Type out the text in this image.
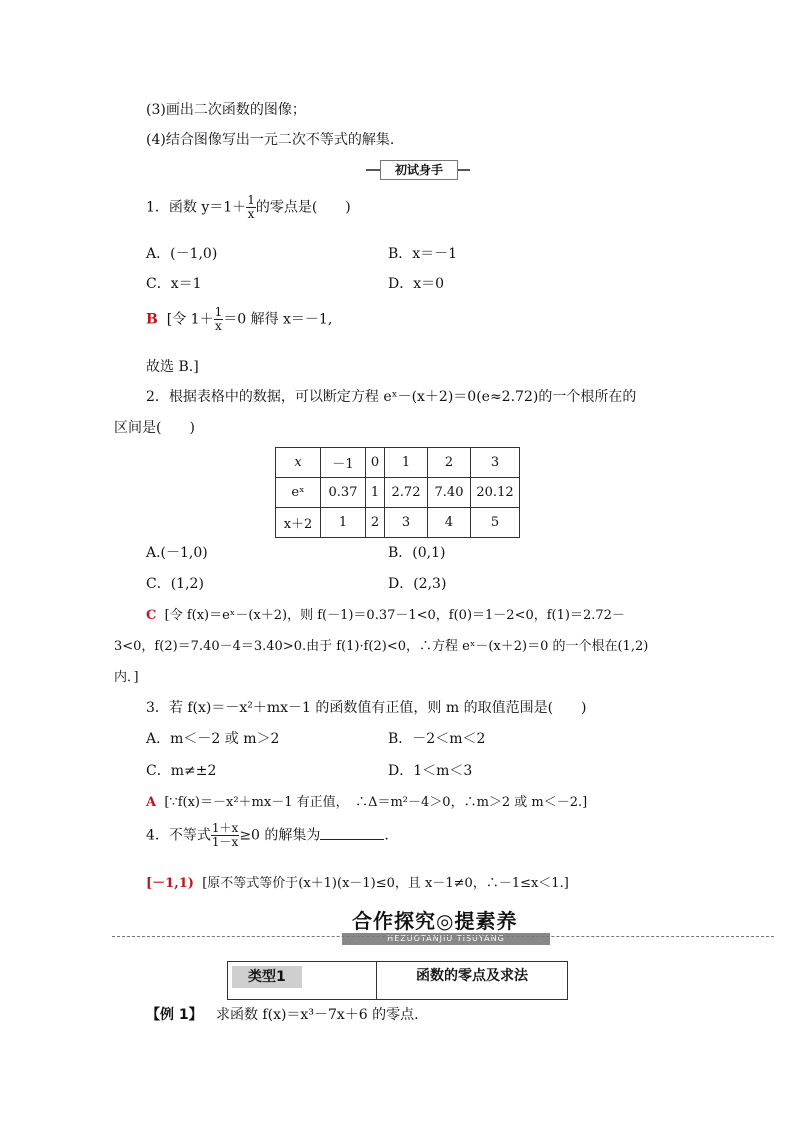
(3)画出二次函数的图像；
(4)结合图像写出一元二次不等式的解集.
初试身手
1．函数 $y=1+ \frac{1}{x}$ 的零点是(　　)
A．(－1,0)	B．x＝－1
C．x＝1	D．x＝0
B [令 $1+ \frac{1}{x} =0$ 解得 x＝－1,
故选 B.]
2．根据表格中的数据，可以断定方程 eˣ－(x＋2)＝0(e≈2.72)的一个根所在的
区间是(　　)
x	－1	0	1	2	3
eˣ	0.37	1	2.72	7.40	20.12
x＋2	1	2	3	4	5
A.(－1,0)	B．(0,1)
C．(1,2)	D．(2,3)
C [令 f(x)＝eˣ－(x＋2)，则 f(－1)＝0.37－1<0，f(0)＝1－2<0，f(1)＝2.72－
3<0，f(2)＝7.40－4＝3.40>0.由于 f(1)·f(2)<0，∴方程 eˣ－(x＋2)＝0 的一个根在(1,2)
内．]
3．若 f(x)＝－x²＋mx－1 的函数值有正值，则 m 的取值范围是(　　)
A．m＜－2 或 m＞2	B．－2＜m＜2
C．m≠±2	D．1＜m＜3
A [∵f(x)＝－x²＋mx－1 有正值，　∴Δ＝m²－4＞0，∴m＞2 或 m＜－2.]
4．不等式 $\frac{1+x}{1-x} \ge 0$ 的解集为	.
[－1,1) [原不等式等价于(x＋1)(x－1)≤0，且 x－1≠0，∴－1≤x＜1.]
合作探究◎提素养
HEZUOTANJIU TISUYANG
类型1	函数的零点及求法
【例 1】 求函数 f(x)＝x³－7x＋6 的零点.
